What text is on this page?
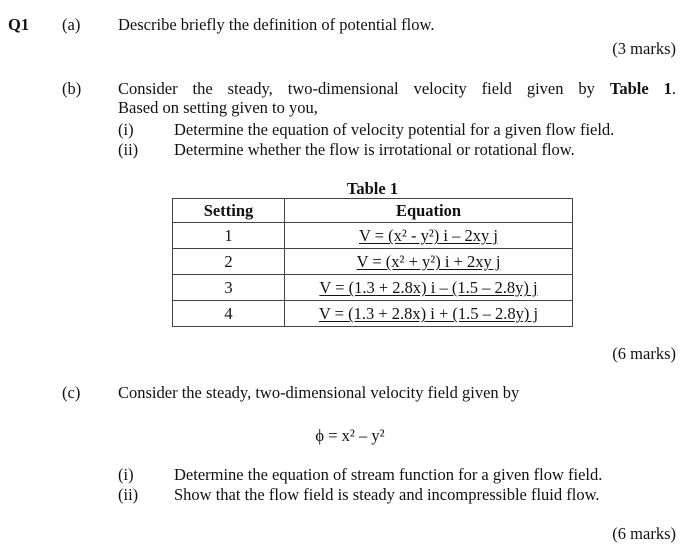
Q1 (a) Describe briefly the definition of potential flow.
(3 marks)
(b) Consider the steady, two-dimensional velocity field given by Table 1.
Based on setting given to you,
(i) Determine the equation of velocity potential for a given flow field.
(ii) Determine whether the flow is irrotational or rotational flow.
Table 1
Setting	Equation
1	V = (x² - y²) i – 2xy j
2	V = (x² + y²) i + 2xy j
3	V = (1.3 + 2.8x) i – (1.5 – 2.8y) j
4	V = (1.3 + 2.8x) i + (1.5 – 2.8y) j
(6 marks)
(c) Consider the steady, two-dimensional velocity field given by
ϕ = x² – y²
(i) Determine the equation of stream function for a given flow field.
(ii) Show that the flow field is steady and incompressible fluid flow.
(6 marks)
